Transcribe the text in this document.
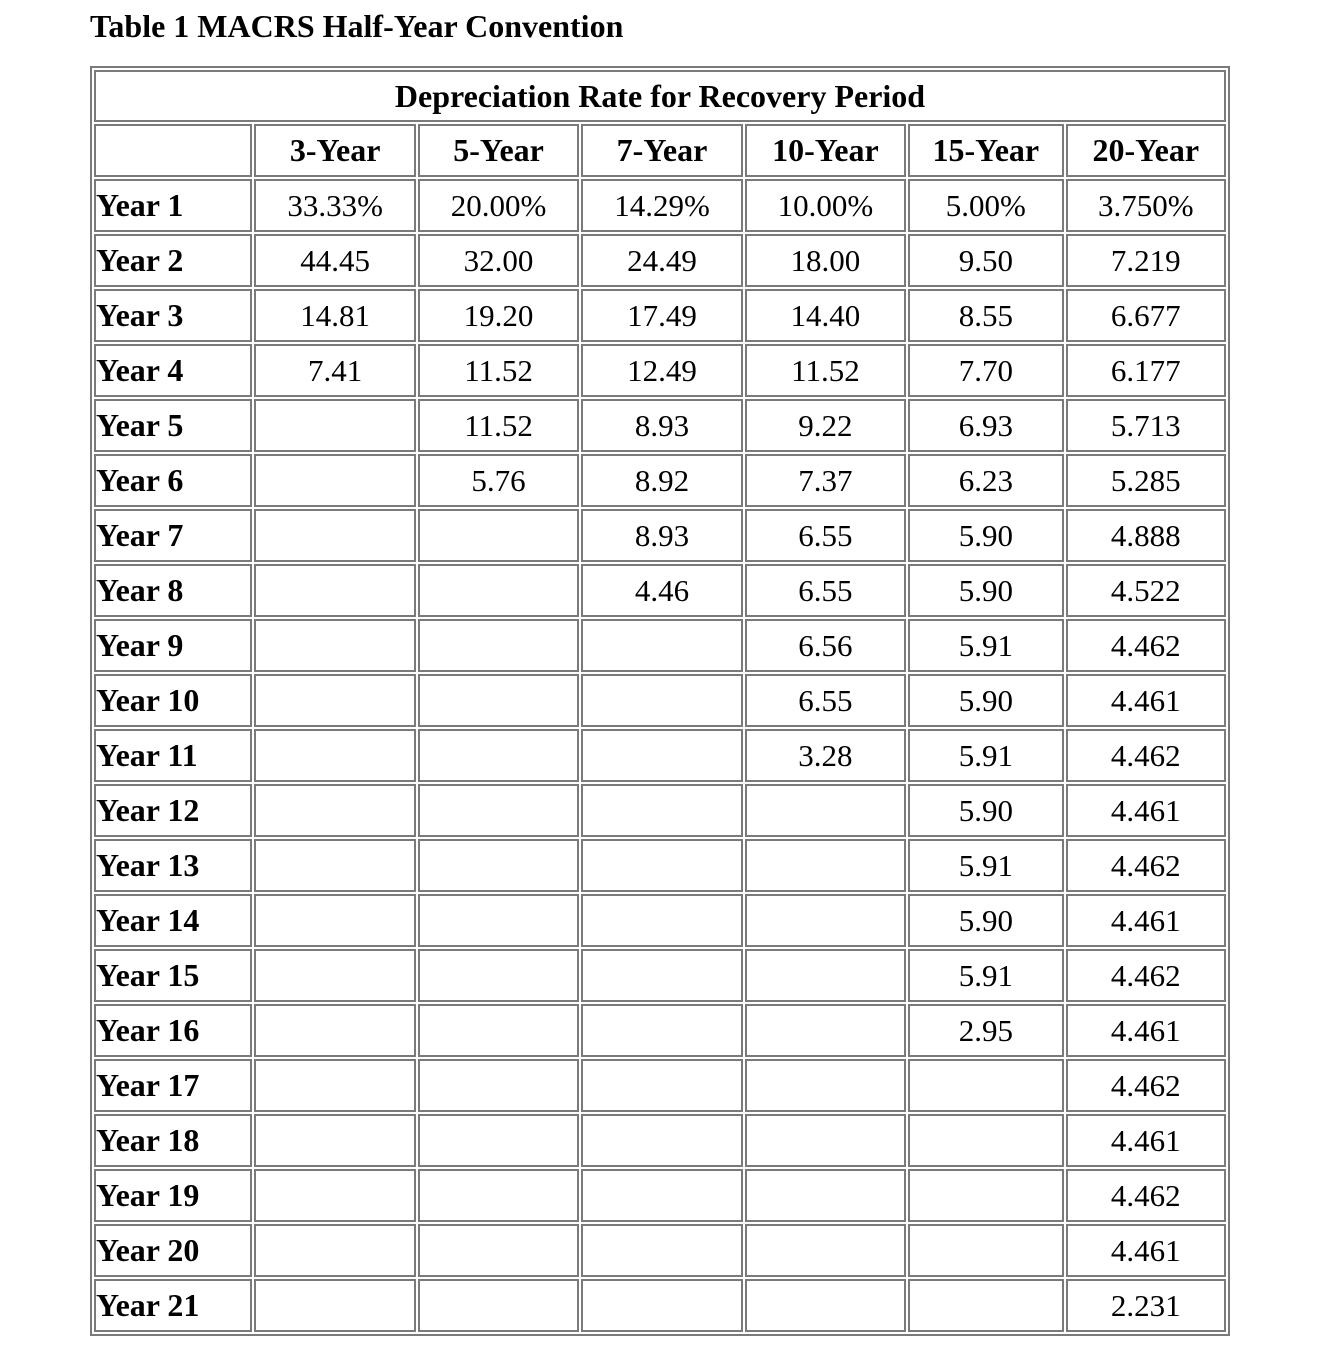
Table 1 MACRS Half-Year Convention
Depreciation Rate for Recovery Period						
	3-Year	5-Year	7-Year	10-Year	15-Year	20-Year
Year 1	33.33%	20.00%	14.29%	10.00%	5.00%	3.750%
Year 2	44.45	32.00	24.49	18.00	9.50	7.219
Year 3	14.81	19.20	17.49	14.40	8.55	6.677
Year 4	7.41	11.52	12.49	11.52	7.70	6.177
Year 5		11.52	8.93	9.22	6.93	5.713
Year 6		5.76	8.92	7.37	6.23	5.285
Year 7			8.93	6.55	5.90	4.888
Year 8			4.46	6.55	5.90	4.522
Year 9				6.56	5.91	4.462
Year 10				6.55	5.90	4.461
Year 11				3.28	5.91	4.462
Year 12					5.90	4.461
Year 13					5.91	4.462
Year 14					5.90	4.461
Year 15					5.91	4.462
Year 16					2.95	4.461
Year 17						4.462
Year 18						4.461
Year 19						4.462
Year 20						4.461
Year 21						2.231
